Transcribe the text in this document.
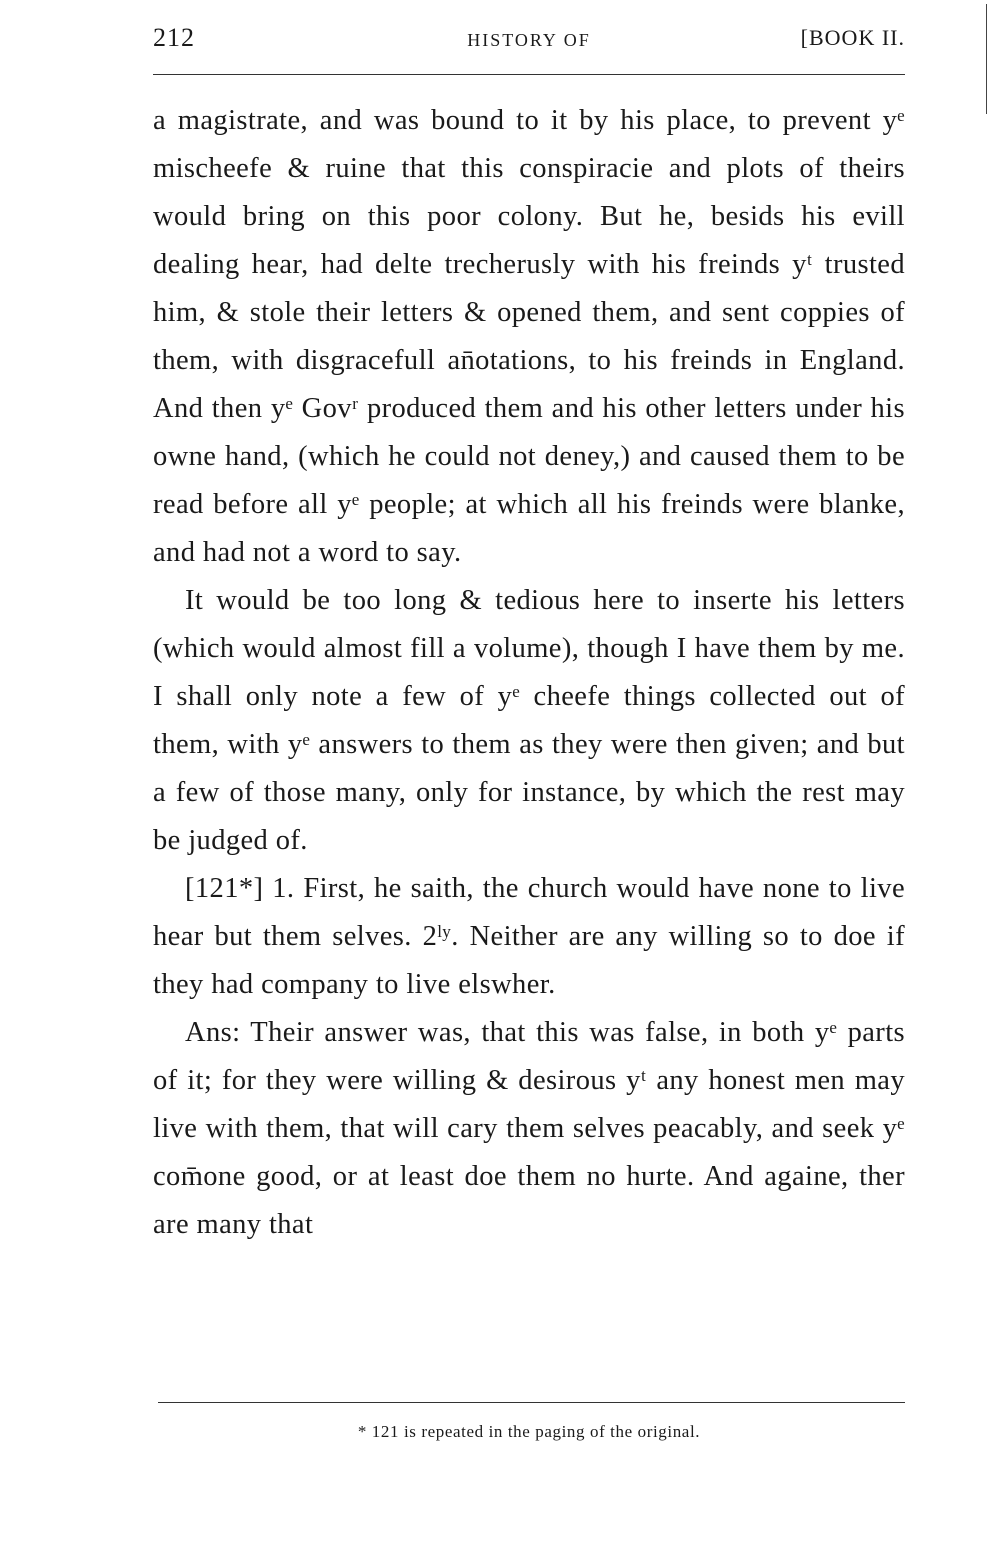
212	HISTORY OF	[BOOK II.

a magistrate, and was bound to it by his place, to prevent yᵉ mischeefe & ruine that this conspiracie and plots of theirs would bring on this poor colony. But he, besids his evill dealing hear, had delte trecherusly with his freinds yᵗ trusted him, & stole their letters & opened them, and sent coppies of them, with disgracefull an̄otations, to his freinds in England. And then yᵉ Govʳ produced them and his other letters under his owne hand, (which he could not deney,) and caused them to be read before all yᵉ people; at which all his freinds were blanke, and had not a word to say.

It would be too long & tedious here to inserte his letters (which would almost fill a volume), though I have them by me. I shall only note a few of yᵉ cheefe things collected out of them, with yᵉ answers to them as they were then given; and but a few of those many, only for instance, by which the rest may be judged of.

[121*] 1. First, he saith, the church would have none to live hear but them selves. 2ˡʸ. Neither are any willing so to doe if they had company to live elswher.

Ans: Their answer was, that this was false, in both yᵉ parts of it; for they were willing & desirous yᵗ any honest men may live with them, that will cary them selves peacably, and seek yᵉ com̄one good, or at least doe them no hurte. And againe, ther are many that

* 121 is repeated in the paging of the original.
